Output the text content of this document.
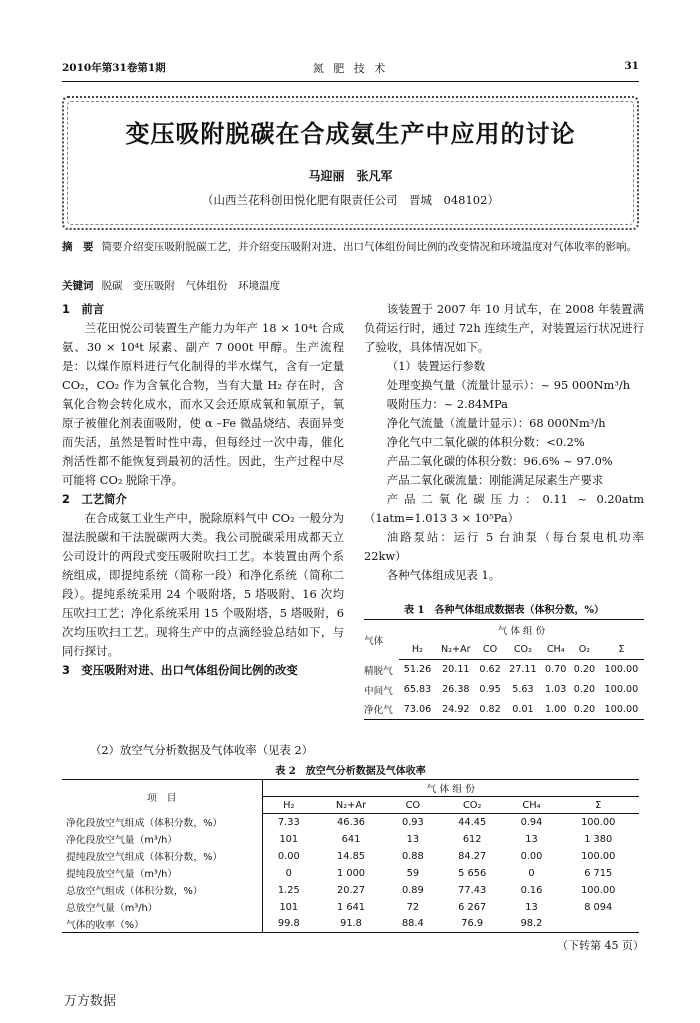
2010年第31卷第1期	氮 肥 技 术	31
变压吸附脱碳在合成氨生产中应用的讨论
马迎丽　张凡军
（山西兰花科创田悦化肥有限责任公司　晋城　048102）
摘　要 简要介绍变压吸附脱碳工艺，并介绍变压吸附对进、出口气体组份间比例的改变情况和环境温度对气体收率的影响。
关键词 脱碳　变压吸附　气体组份　环境温度
1　前言
兰花田悦公司装置生产能力为年产 18 × 10⁴t 合成氨、30 × 10⁴t 尿素、副产 7 000t 甲醇。生产流程是：以煤作原料进行气化制得的半水煤气，含有一定量 CO₂，CO₂ 作为含氧化合物，当有大量 H₂ 存在时，含氧化合物会转化成水，而水又会还原成氧和氧原子，氧原子被催化剂表面吸附，使 α –Fe 微晶烧结、表面异变而失活，虽然是暂时性中毒，但每经过一次中毒，催化剂活性都不能恢复到最初的活性。因此，生产过程中尽可能将 CO₂ 脱除干净。
2　工艺简介
在合成氨工业生产中，脱除原料气中 CO₂ 一般分为湿法脱碳和干法脱碳两大类。我公司脱碳采用成都天立公司设计的两段式变压吸附吹扫工艺。本装置由两个系统组成，即提纯系统（简称一段）和净化系统（简称二段）。提纯系统采用 24 个吸附塔，5 塔吸附、16 次均压吹扫工艺；净化系统采用 15 个吸附塔，5 塔吸附，6 次均压吹扫工艺。现将生产中的点滴经验总结如下，与同行探讨。
3　变压吸附对进、出口气体组份间比例的改变
（2）放空气分析数据及气体收率（见表 2）
该装置于 2007 年 10 月试车，在 2008 年装置满负荷运行时，通过 72h 连续生产，对装置运行状况进行了验收，具体情况如下。
（1）装置运行参数
处理变换气量（流量计显示）：~ 95 000Nm³/h
吸附压力：~ 2.84MPa
净化气流量（流量计显示）：68 000Nm³/h
净化气中二氧化碳的体积分数：<0.2%
产品二氧化碳的体积分数：96.6% ~ 97.0%
产品二氧化碳流量：刚能满足尿素生产要求
产品二氧化碳压力：0.11 ~ 0.20atm（1atm=1.013 3 × 10⁵Pa）
油路泵站：运行 5 台油泵（每台泵电机功率 22kw）
各种气体组成见表 1。
表 1　各种气体组成数据表（体积分数，%）
气体	气 体 组 份						
	H₂	N₂+Ar	CO	CO₂	CH₄	O₂	Σ
精脱气	51.26	20.11	0.62	27.11	0.70	0.20	100.00
中间气	65.83	26.38	0.95	5.63	1.03	0.20	100.00
净化气	73.06	24.92	0.82	0.01	1.00	0.20	100.00
表 2　放空气分析数据及气体收率
项　目	气 体 组 份					
	H₂	N₂+Ar	CO	CO₂	CH₄	Σ
净化段放空气组成（体积分数，%）	7.33	46.36	0.93	44.45	0.94	100.00
净化段放空气量（m³/h）	101	641	13	612	13	1 380
提纯段放空气组成（体积分数，%）	0.00	14.85	0.88	84.27	0.00	100.00
提纯段放空气量（m³/h）	0	1 000	59	5 656	0	6 715
总放空气组成（体积分数，%）	1.25	20.27	0.89	77.43	0.16	100.00
总放空气量（m³/h）	101	1 641	72	6 267	13	8 094
气体的收率（%）	99.8	91.8	88.4	76.9	98.2	
（下转第 45 页）
万方数据
